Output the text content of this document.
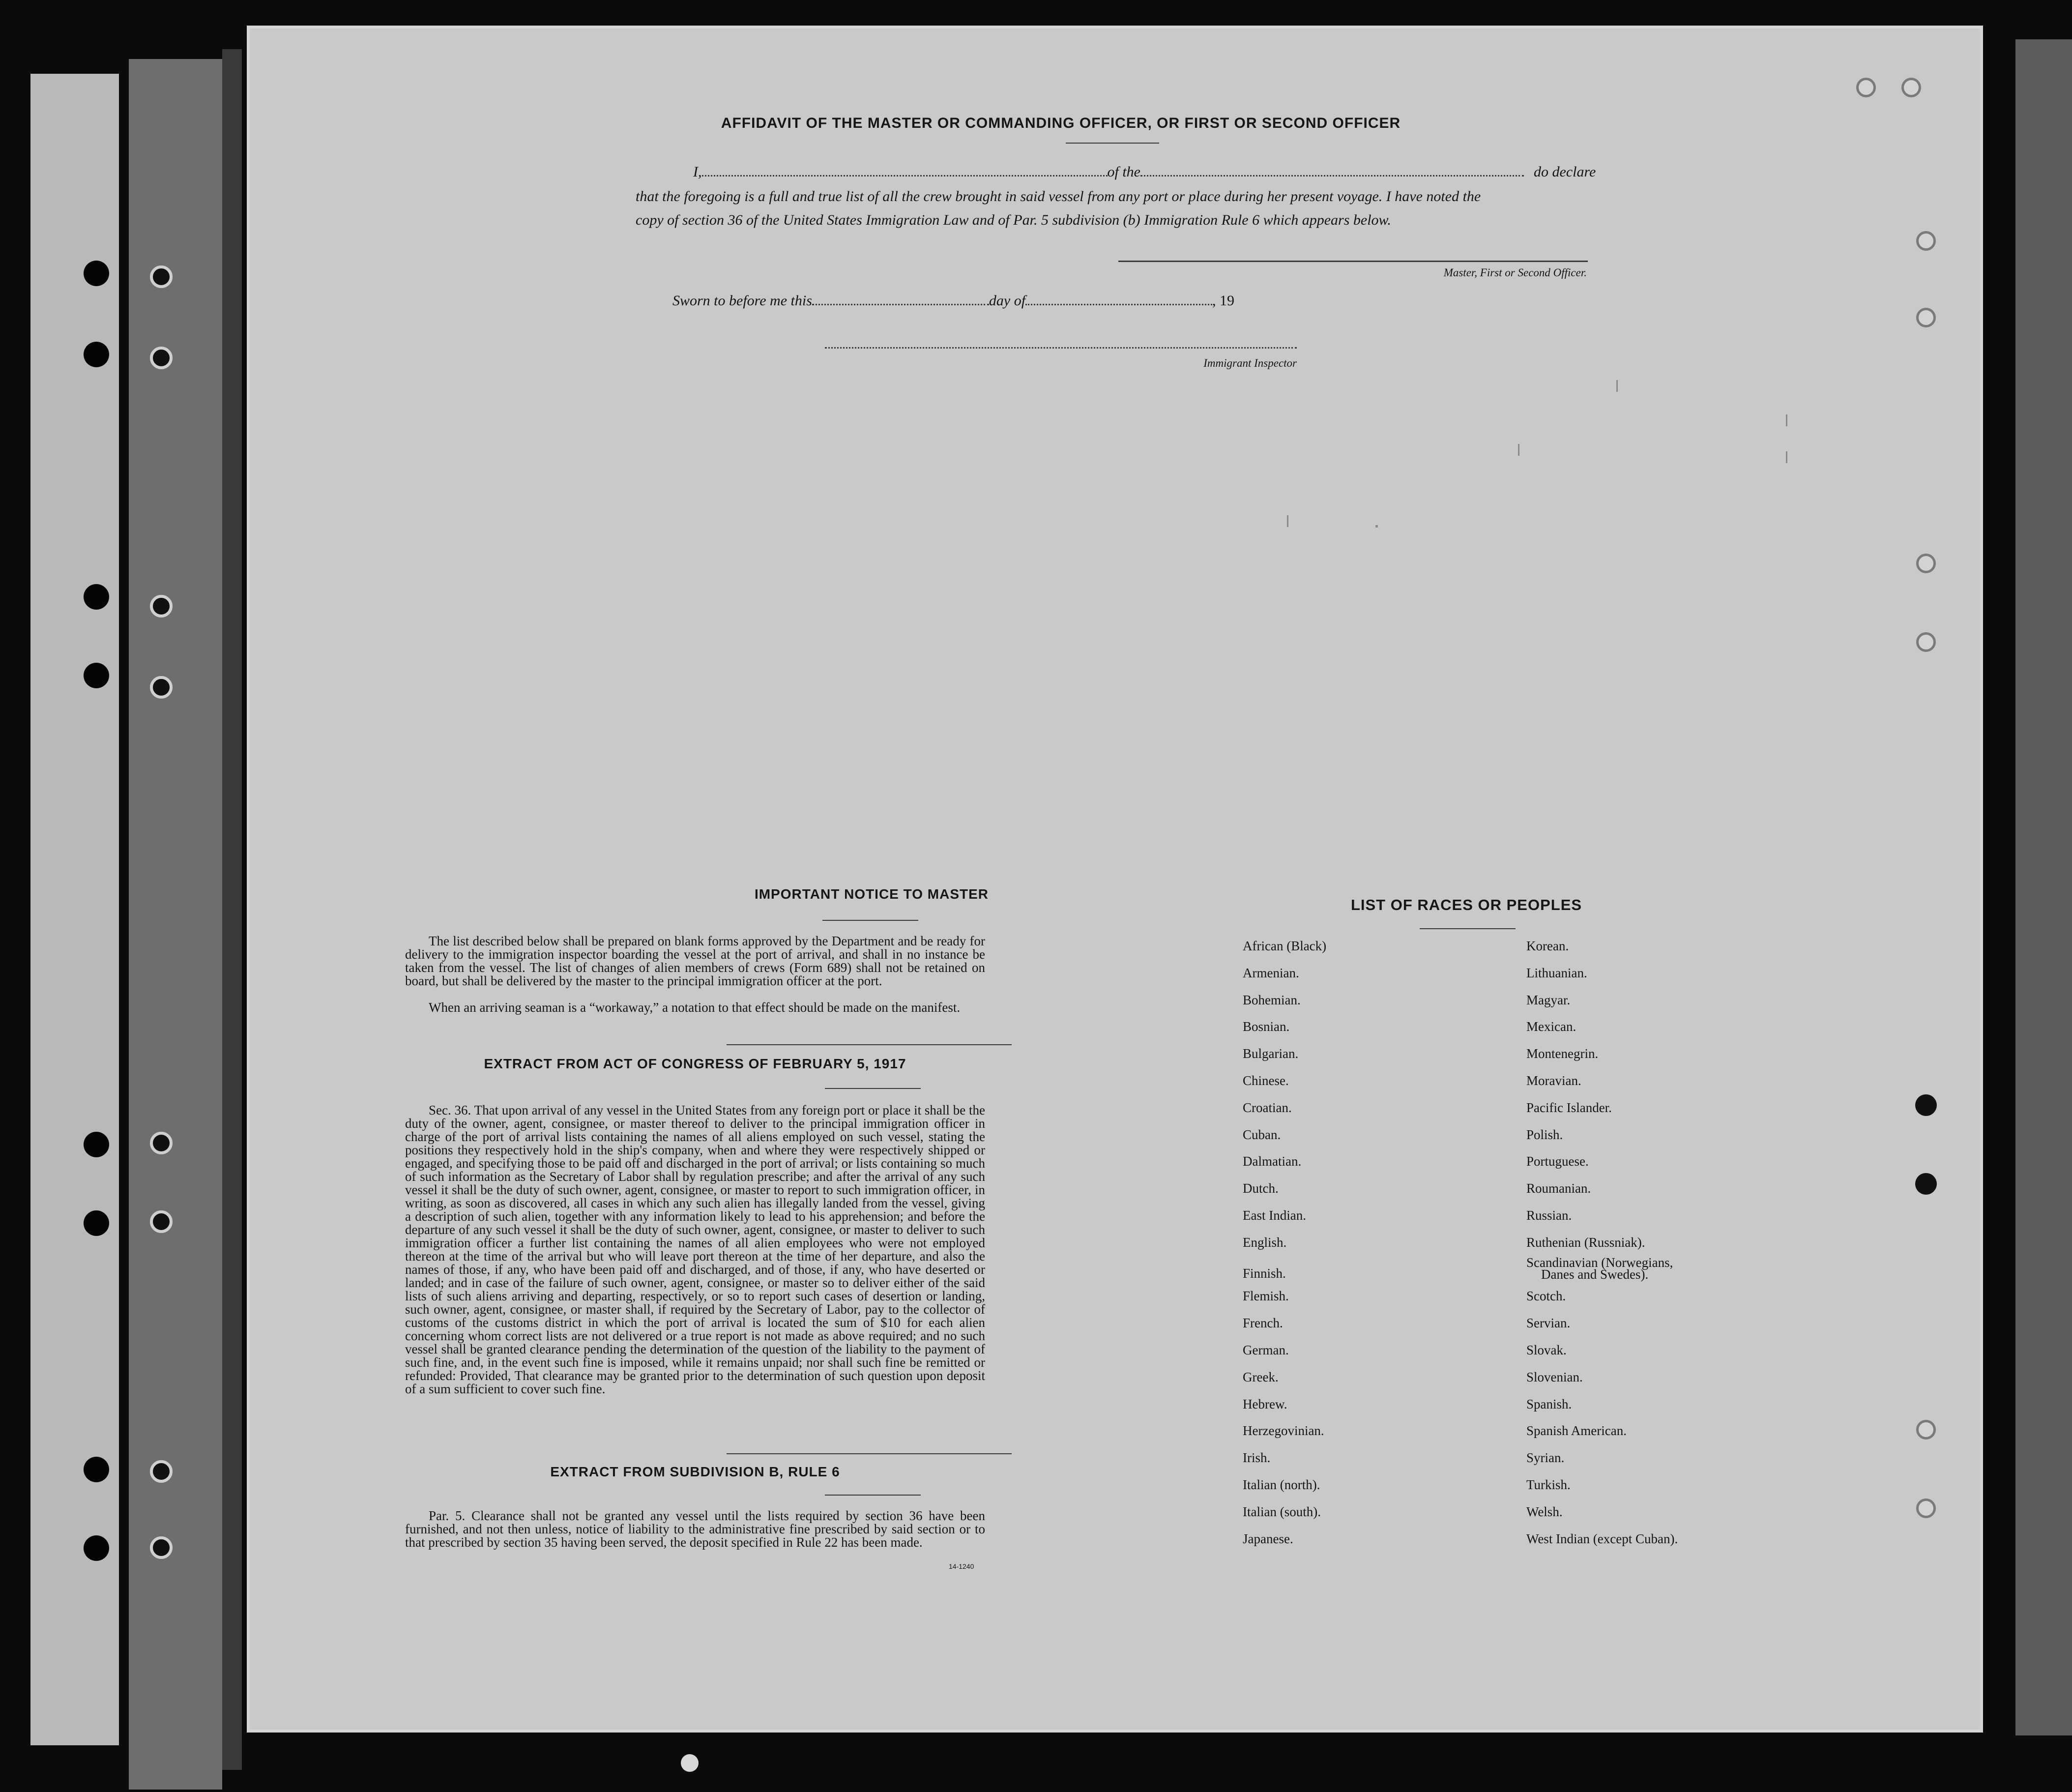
AFFIDAVIT OF THE MASTER OR COMMANDING OFFICER, OR FIRST OR SECOND OFFICER
I,	of the	do declare
that the foregoing is a full and true list of all the crew brought in said vessel from any port or place during her present voyage. I have noted the
copy of section 36 of the United States Immigration Law and of Par. 5 subdivision (b) Immigration Rule 6 which appears below.
Master, First or Second Officer.
Sworn to before me this	day of	, 19
Immigrant Inspector
IMPORTANT NOTICE TO MASTER
The list described below shall be prepared on blank forms approved by the Department and be ready for delivery to the immigration inspector boarding the vessel at the port of arrival, and shall in no instance be taken from the vessel. The list of changes of alien members of crews (Form 689) shall not be retained on board, but shall be delivered by the master to the principal immigration officer at the port.
When an arriving seaman is a “workaway,” a notation to that effect should be made on the manifest.
EXTRACT FROM ACT OF CONGRESS OF FEBRUARY 5, 1917
Sec. 36. That upon arrival of any vessel in the United States from any foreign port or place it shall be the duty of the owner, agent, consignee, or master thereof to deliver to the principal immigration officer in charge of the port of arrival lists containing the names of all aliens employed on such vessel, stating the positions they respectively hold in the ship's company, when and where they were respectively shipped or engaged, and specifying those to be paid off and discharged in the port of arrival; or lists containing so much of such information as the Secretary of Labor shall by regulation prescribe; and after the arrival of any such vessel it shall be the duty of such owner, agent, consignee, or master to report to such immigration officer, in writing, as soon as discovered, all cases in which any such alien has illegally landed from the vessel, giving a description of such alien, together with any information likely to lead to his apprehension; and before the departure of any such vessel it shall be the duty of such owner, agent, consignee, or master to deliver to such immigration officer a further list containing the names of all alien employees who were not employed thereon at the time of the arrival but who will leave port thereon at the time of her departure, and also the names of those, if any, who have been paid off and discharged, and of those, if any, who have deserted or landed; and in case of the failure of such owner, agent, consignee, or master so to deliver either of the said lists of such aliens arriving and departing, respectively, or so to report such cases of desertion or landing, such owner, agent, consignee, or master shall, if required by the Secretary of Labor, pay to the collector of customs of the customs district in which the port of arrival is located the sum of $10 for each alien concerning whom correct lists are not delivered or a true report is not made as above required; and no such vessel shall be granted clearance pending the determination of the question of the liability to the payment of such fine, and, in the event such fine is imposed, while it remains unpaid; nor shall such fine be remitted or refunded: Provided, That clearance may be granted prior to the determination of such question upon deposit of a sum sufficient to cover such fine.
EXTRACT FROM SUBDIVISION B, RULE 6
Par. 5. Clearance shall not be granted any vessel until the lists required by section 36 have been furnished, and not then unless, notice of liability to the administrative fine prescribed by said section or to that prescribed by section 35 having been served, the deposit specified in Rule 22 has been made.
14-1240
LIST OF RACES OR PEOPLES
African (Black)
Armenian.
Bohemian.
Bosnian.
Bulgarian.
Chinese.
Croatian.
Cuban.
Dalmatian.
Dutch.
East Indian.
English.
Finnish.
Flemish.
French.
German.
Greek.
Hebrew.
Herzegovinian.
Irish.
Italian (north).
Italian (south).
Japanese.
Korean.
Lithuanian.
Magyar.
Mexican.
Montenegrin.
Moravian.
Pacific Islander.
Polish.
Portuguese.
Roumanian.
Russian.
Ruthenian (Russniak).
Scandinavian (Norwegians,
Scotch.
Servian.
Slovak.
Slovenian.
Spanish.
Spanish American.
Syrian.
Turkish.
Welsh.
West Indian (except Cuban).
Danes and Swedes).
